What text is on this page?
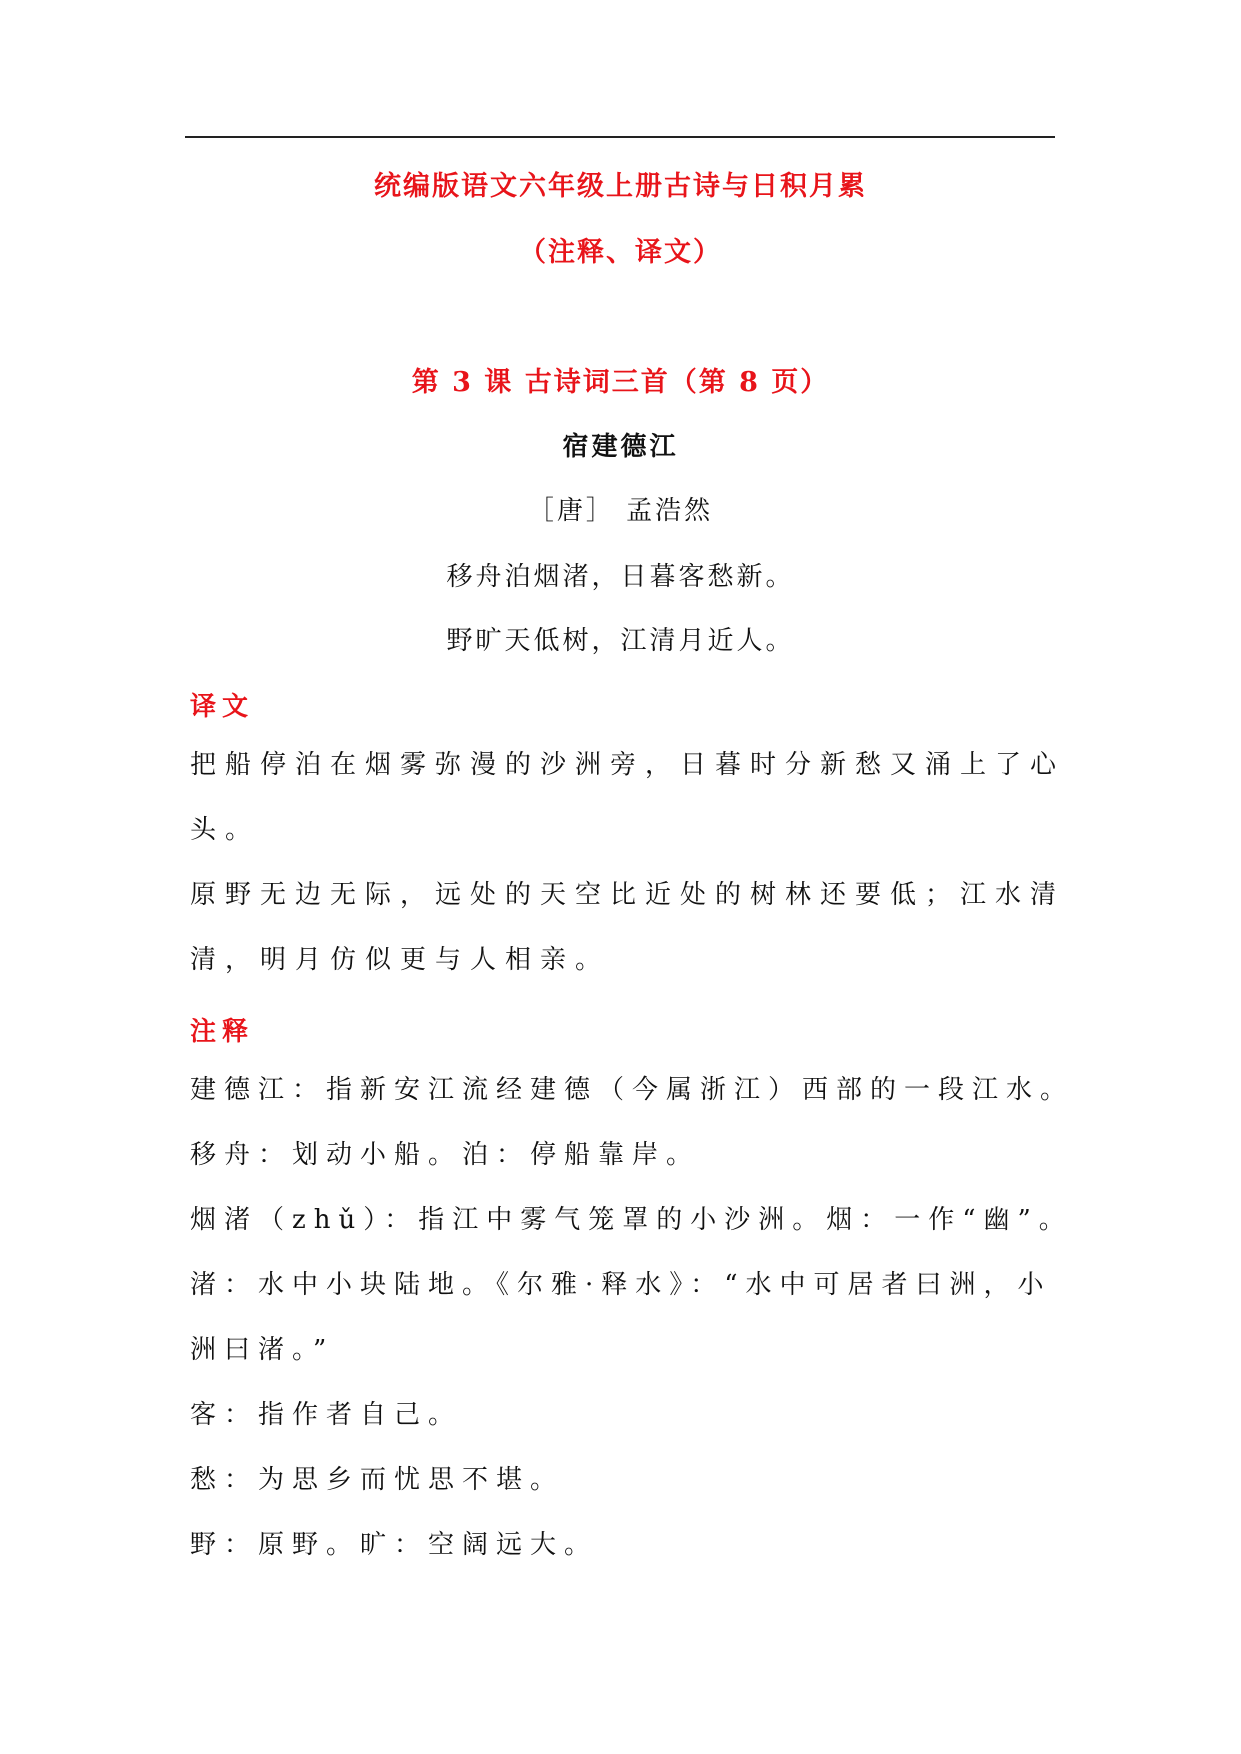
统编版语文六年级上册古诗与日积月累
（注释、译文）
第 3 课 古诗词三首（第 8 页）
宿建德江
［唐］ 孟浩然
移舟泊烟渚，日暮客愁新。
野旷天低树，江清月近人。
译文
把船停泊在烟雾弥漫的沙洲旁，日暮时分新愁又涌上了心头。
原野无边无际，远处的天空比近处的树林还要低；江水清清，明月仿似更与人相亲。
注释
建德江：指新安江流经建德（今属浙江）西部的一段江水。
移舟：划动小船。泊：停船靠岸。
烟渚（zhǔ）：指江中雾气笼罩的小沙洲。烟：一作“幽”。
渚：水中小块陆地。《尔雅·释水》：“水中可居者曰洲，小洲曰渚。”
客：指作者自己。
愁：为思乡而忧思不堪。
野：原野。旷：空阔远大。
